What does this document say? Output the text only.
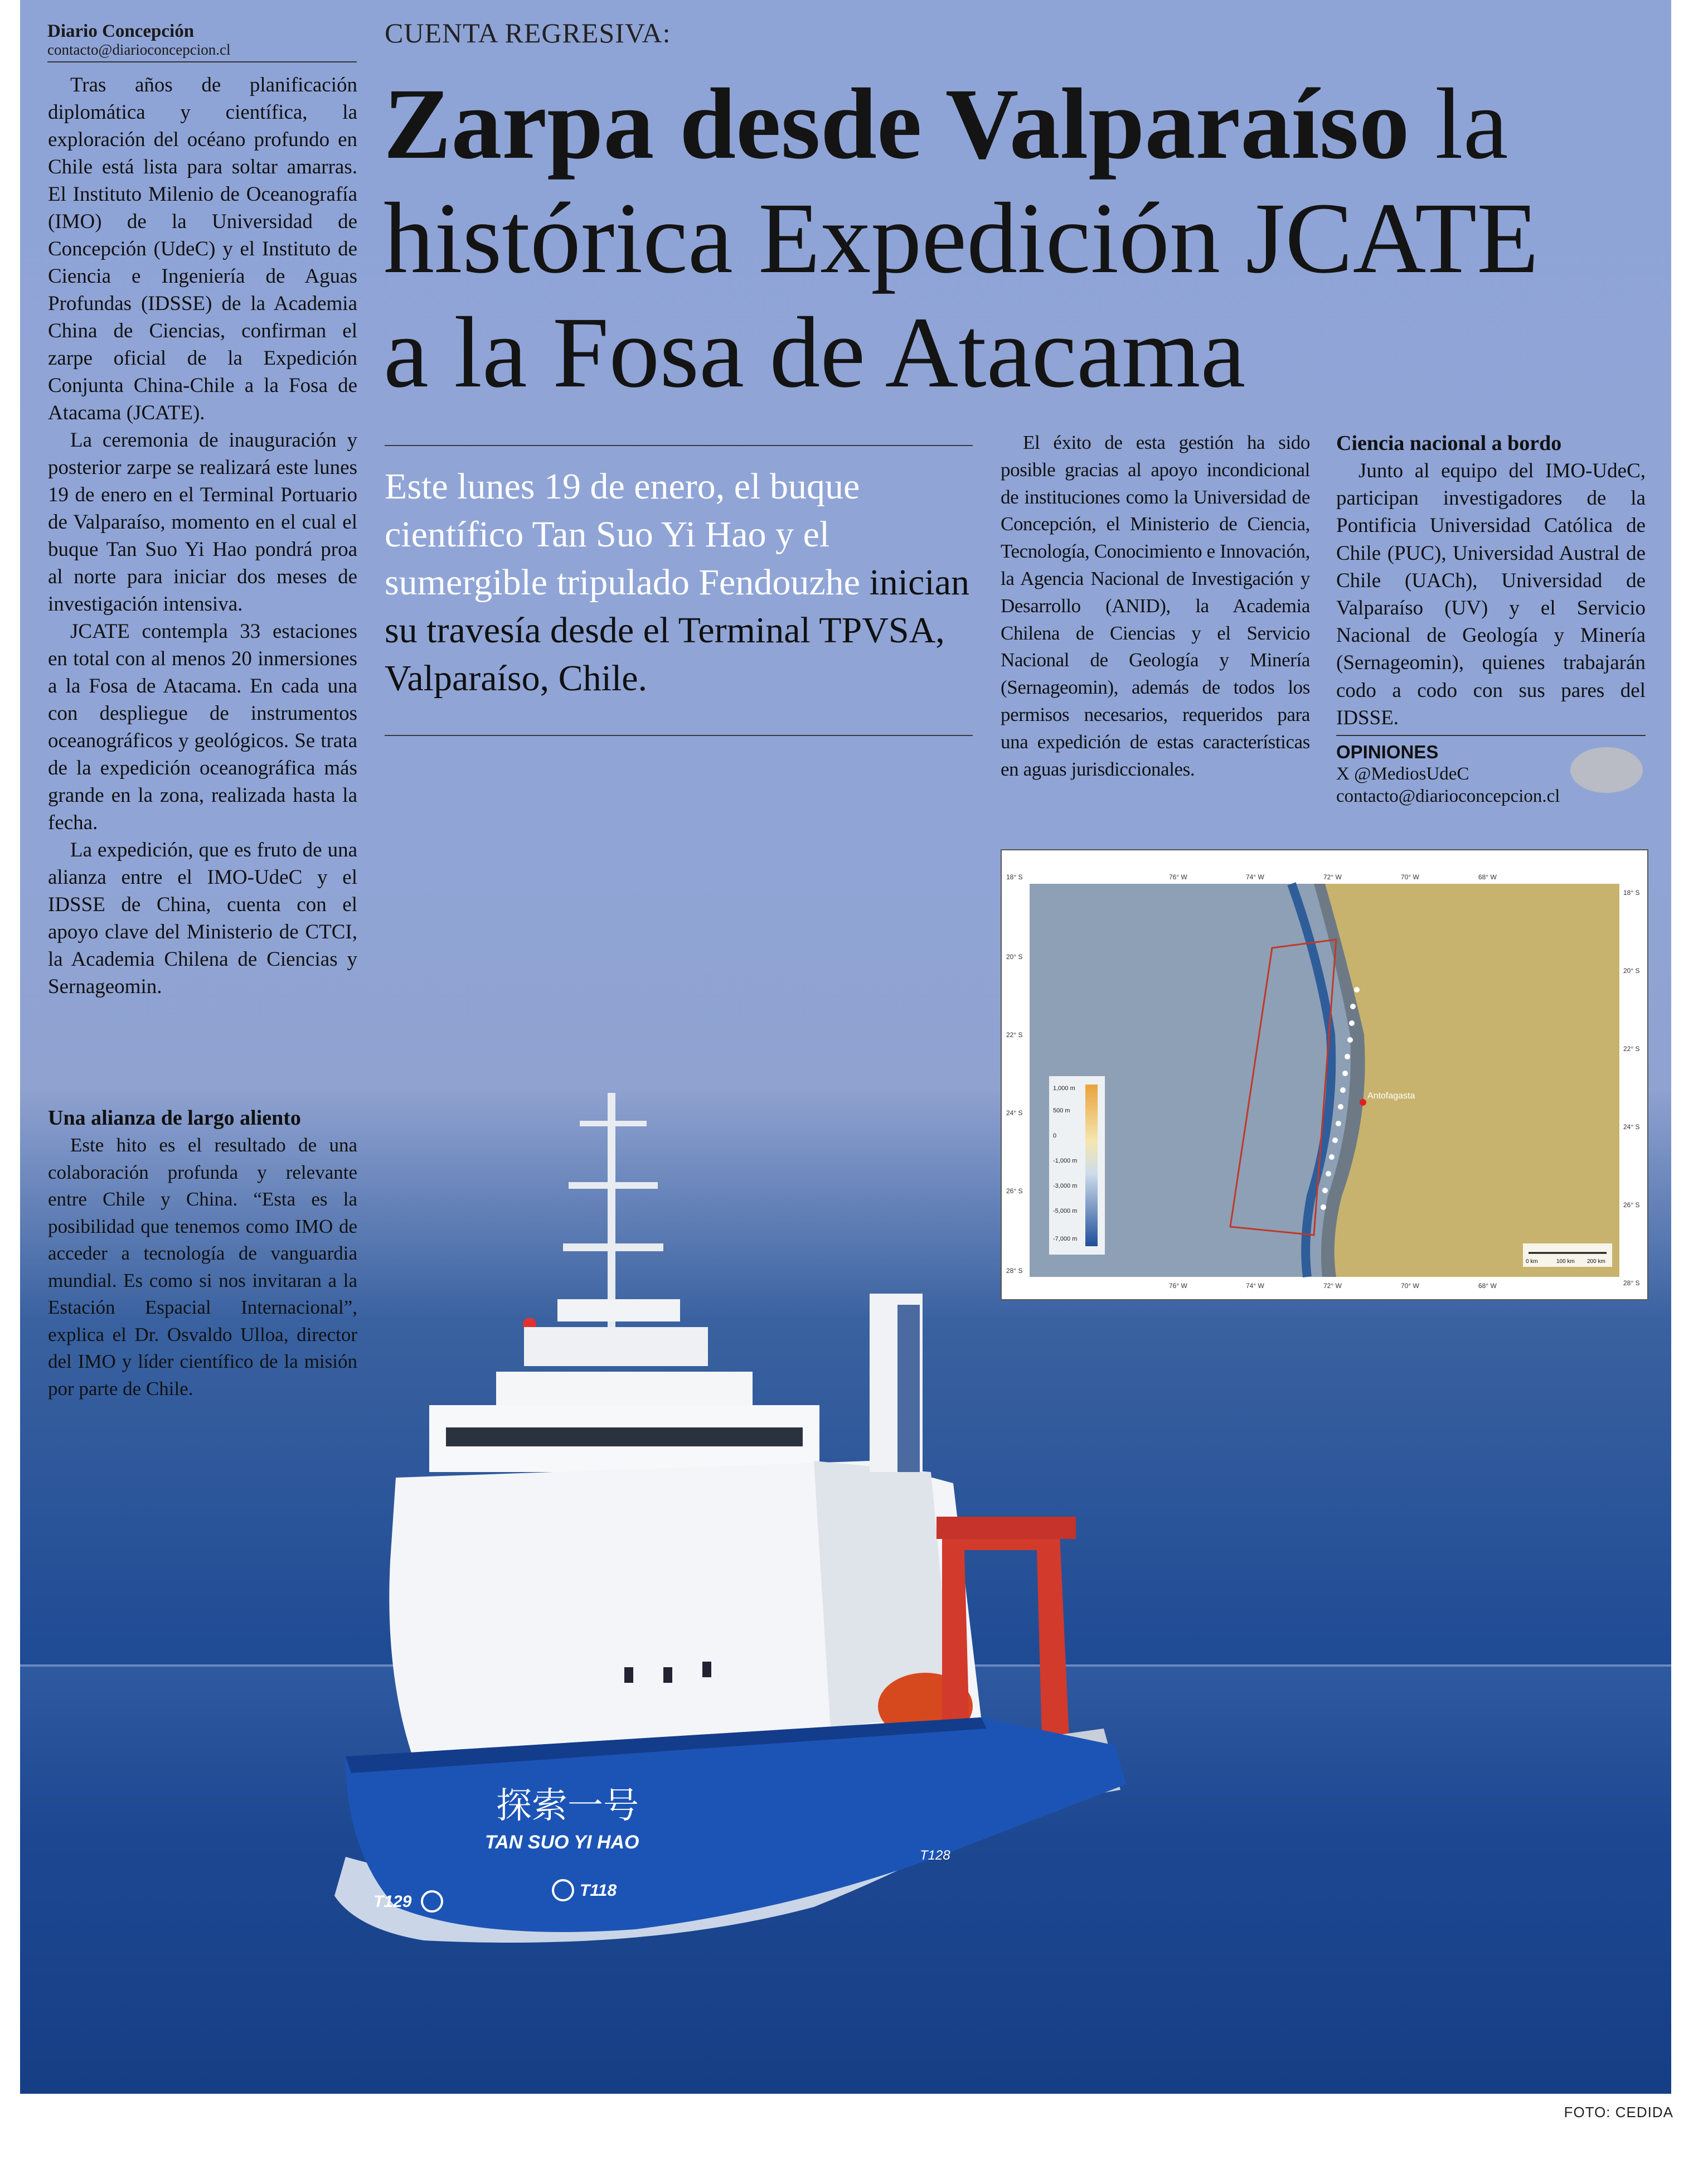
探索一号
TAN SUO YI HAO
T129
T118
T128
Diario Concepción
contacto@diarioconcepcion.cl

Tras años de planificación diplomática y científica, la exploración del océano profundo en Chile está lista para soltar amarras. El Instituto Milenio de Oceanografía (IMO) de la Universidad de Concepción (UdeC) y el Instituto de Ciencia e Ingeniería de Aguas Profundas (IDSSE) de la Academia China de Ciencias, confirman el zarpe oficial de la Expedición Conjunta China-Chile a la Fosa de Atacama (JCATE).

La ceremonia de inauguración y posterior zarpe se realizará este lunes 19 de enero en el Terminal Portuario de Valparaíso, momento en el cual el buque Tan Suo Yi Hao pondrá proa al norte para iniciar dos meses de investigación intensiva.

JCATE contempla 33 estaciones en total con al menos 20 inmersiones a la Fosa de Atacama. En cada una con despliegue de instrumentos oceanográficos y geológicos. Se trata de la expedición oceanográfica más grande en la zona, realizada hasta la fecha.

La expedición, que es fruto de una alianza entre el IMO-UdeC y el IDSSE de China, cuenta con el apoyo clave del Ministerio de CTCI, la Academia Chilena de Ciencias y Sernageomin.

Una alianza de largo aliento

Este hito es el resultado de una colaboración profunda y relevante entre Chile y China. “Esta es la posibilidad que tenemos como IMO de acceder a tecnología de vanguardia mundial. Es como si nos invitaran a la Estación Espacial Internacional”, explica el Dr. Osvaldo Ulloa, director del IMO y líder científico de la misión por parte de Chile.

CUENTA REGRESIVA:
Zarpa desde Valparaíso la
histórica Expedición JCATE
a la Fosa de Atacama
Este lunes 19 de enero, el buque científico Tan Suo Yi Hao y el sumergible tripulado Fendouzhe inician su travesía desde el Terminal TPVSA, Valparaíso, Chile.

El éxito de esta gestión ha sido posible gracias al apoyo incondicional de instituciones como la Universidad de Concepción, el Ministerio de Ciencia, Tecnología, Conocimiento e Innovación, la Agencia Nacional de Investigación y Desarrollo (ANID), la Academia Chilena de Ciencias y el Servicio Nacional de Geología y Minería (Sernageomin), además de todos los permisos necesarios, requeridos para una expedición de estas características en aguas jurisdiccionales.

Ciencia nacional a bordo

Junto al equipo del IMO-UdeC, participan investigadores de la Pontificia Universidad Católica de Chile (PUC), Universidad Austral de Chile (UACh), Universidad de Valparaíso (UV) y el Servicio Nacional de Geología y Minería (Sernageomin), quienes trabajarán codo a codo con sus pares del IDSSE.

OPINIONES
X @MediosUdeC
contacto@diarioconcepcion.cl
Antofagasta
1,000 m
500 m
0
-1,000 m
-3,000 m
-5,000 m
-7,000 m
0 km	100 km 200 km
76° W	74° W	72° W	70° W	68° W
76° W	74° W	72° W	70° W	68° W
18° S
20° S
22° S
24° S
26° S
28° S
18° S
20° S
22° S
24° S
26° S
28° S
FOTO: CEDIDA
